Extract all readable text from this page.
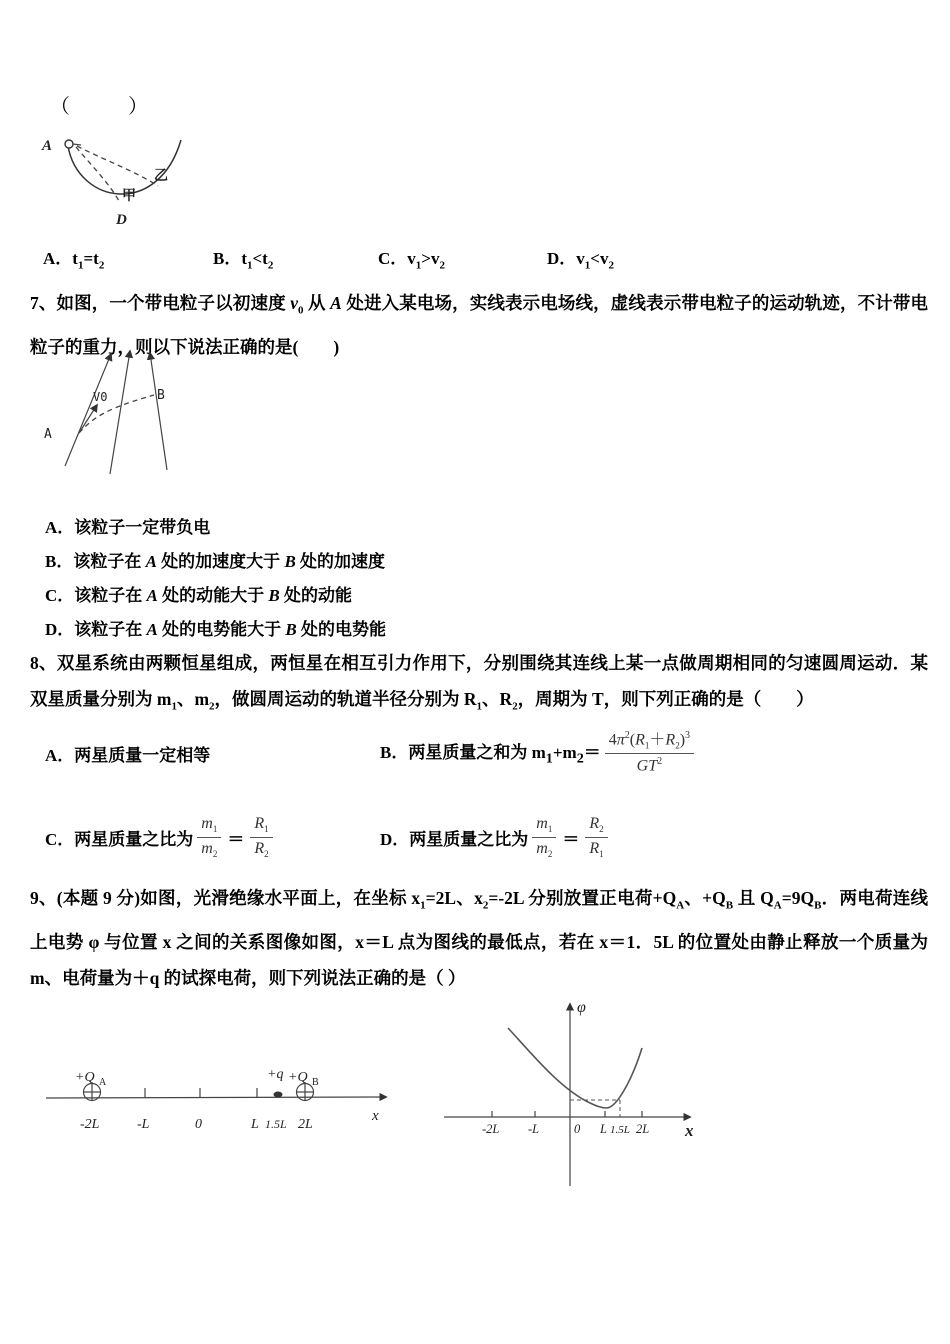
（　　）
A
甲
乙
D
A．$t_1=t_2$	B．$t_1<t_2$	C．$v_1>v_2$	D．$v_1<v_2$

7、如图，一个带电粒子以初速度 $v_0$ 从 A 处进入某电场，实线表示电场线，虚线表示带电粒子的运动轨迹，不计带电粒子的重力，则以下说法正确的是(　　)

A
V0	B
A．该粒子一定带负电
B．该粒子在 A 处的加速度大于 B 处的加速度
C．该粒子在 A 处的动能大于 B 处的动能
D．该粒子在 A 处的电势能大于 B 处的电势能

8、双星系统由两颗恒星组成，两恒星在相互引力作用下，分别围绕其连线上某一点做周期相同的匀速圆周运动．某双星质量分别为 $m_1$、$m_2$，做圆周运动的轨道半径分别为 $R_1$、$R_2$，周期为 T，则下列正确的是（　　）

A．两星质量一定相等	B．两星质量之和为 $m_1+m_2= \frac{4\pi^2(R_1+R_2)^3}{GT^2}$
C．两星质量之比为 $\frac{m_1}{m_2} = \frac{R_1}{R_2}$	D．两星质量之比为 $\frac{m_1}{m_2} = \frac{R_2}{R_1}$

9、(本题 9 分)如图，光滑绝缘水平面上，在坐标 $x_1=2L$、$x_2=-2L$ 分别放置正电荷$+Q_A$、$+Q_B$ 且 $Q_A=9Q_B$．两电荷连线上电势 φ 与位置 x 之间的关系图像如图，x＝L 点为图线的最低点，若在 x＝1．5L 的位置处由静止释放一个质量为 m、电荷量为＋q 的试探电荷，则下列说法正确的是（ ）

+Q A
+q +Q B
-2L	-L	0	L 1.5L 2L
x
φ
x
-2L -L	0 L 1.5L 2L
